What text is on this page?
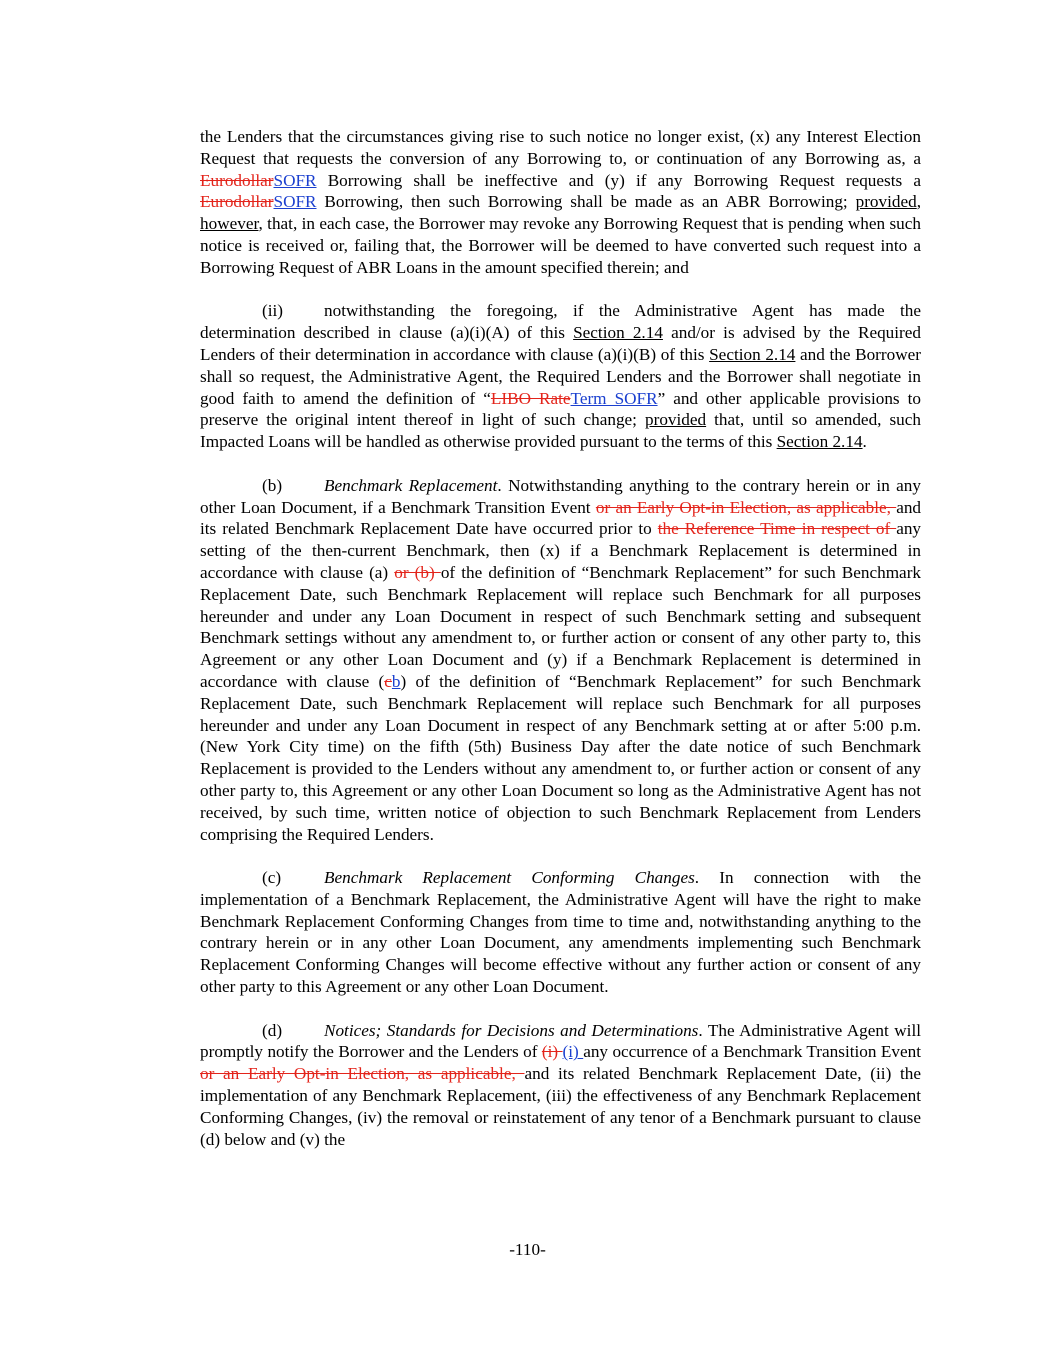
the Lenders that the circumstances giving rise to such notice no longer exist, (x) any Interest Election Request that requests the conversion of any Borrowing to, or continuation of any Borrowing as, a EurodollarSOFR Borrowing shall be ineffective and (y) if any Borrowing Request requests a EurodollarSOFR Borrowing, then such Borrowing shall be made as an ABR Borrowing; provided, however, that, in each case, the Borrower may revoke any Borrowing Request that is pending when such notice is received or, failing that, the Borrower will be deemed to have converted such request into a Borrowing Request of ABR Loans in the amount specified therein; and

(ii) notwithstanding the foregoing, if the Administrative Agent has made the determination described in clause (a)(i)(A) of this Section 2.14 and/or is advised by the Required Lenders of their determination in accordance with clause (a)(i)(B) of this Section 2.14 and the Borrower shall so request, the Administrative Agent, the Required Lenders and the Borrower shall negotiate in good faith to amend the definition of “LIBO RateTerm SOFR” and other applicable provisions to preserve the original intent thereof in light of such change; provided that, until so amended, such Impacted Loans will be handled as otherwise provided pursuant to the terms of this Section 2.14.

(b) Benchmark Replacement. Notwithstanding anything to the contrary herein or in any other Loan Document, if a Benchmark Transition Event or an Early Opt-in Election, as applicable, and its related Benchmark Replacement Date have occurred prior to the Reference Time in respect of any setting of the then-current Benchmark, then (x) if a Benchmark Replacement is determined in accordance with clause (a) or (b) of the definition of “Benchmark Replacement” for such Benchmark Replacement Date, such Benchmark Replacement will replace such Benchmark for all purposes hereunder and under any Loan Document in respect of such Benchmark setting and subsequent Benchmark settings without any amendment to, or further action or consent of any other party to, this Agreement or any other Loan Document and (y) if a Benchmark Replacement is determined in accordance with clause (cb) of the definition of “Benchmark Replacement” for such Benchmark Replacement Date, such Benchmark Replacement will replace such Benchmark for all purposes hereunder and under any Loan Document in respect of any Benchmark setting at or after 5:00 p.m. (New York City time) on the fifth (5th) Business Day after the date notice of such Benchmark Replacement is provided to the Lenders without any amendment to, or further action or consent of any other party to, this Agreement or any other Loan Document so long as the Administrative Agent has not received, by such time, written notice of objection to such Benchmark Replacement from Lenders comprising the Required Lenders.

(c) Benchmark Replacement Conforming Changes. In connection with the implementation of a Benchmark Replacement, the Administrative Agent will have the right to make Benchmark Replacement Conforming Changes from time to time and, notwithstanding anything to the contrary herein or in any other Loan Document, any amendments implementing such Benchmark Replacement Conforming Changes will become effective without any further action or consent of any other party to this Agreement or any other Loan Document.

(d) Notices; Standards for Decisions and Determinations. The Administrative Agent will promptly notify the Borrower and the Lenders of (i) (i) any occurrence of a Benchmark Transition Event or an Early Opt-in Election, as applicable, and its related Benchmark Replacement Date, (ii) the implementation of any Benchmark Replacement, (iii) the effectiveness of any Benchmark Replacement Conforming Changes, (iv) the removal or reinstatement of any tenor of a Benchmark pursuant to clause (d) below and (v) the

-110-
